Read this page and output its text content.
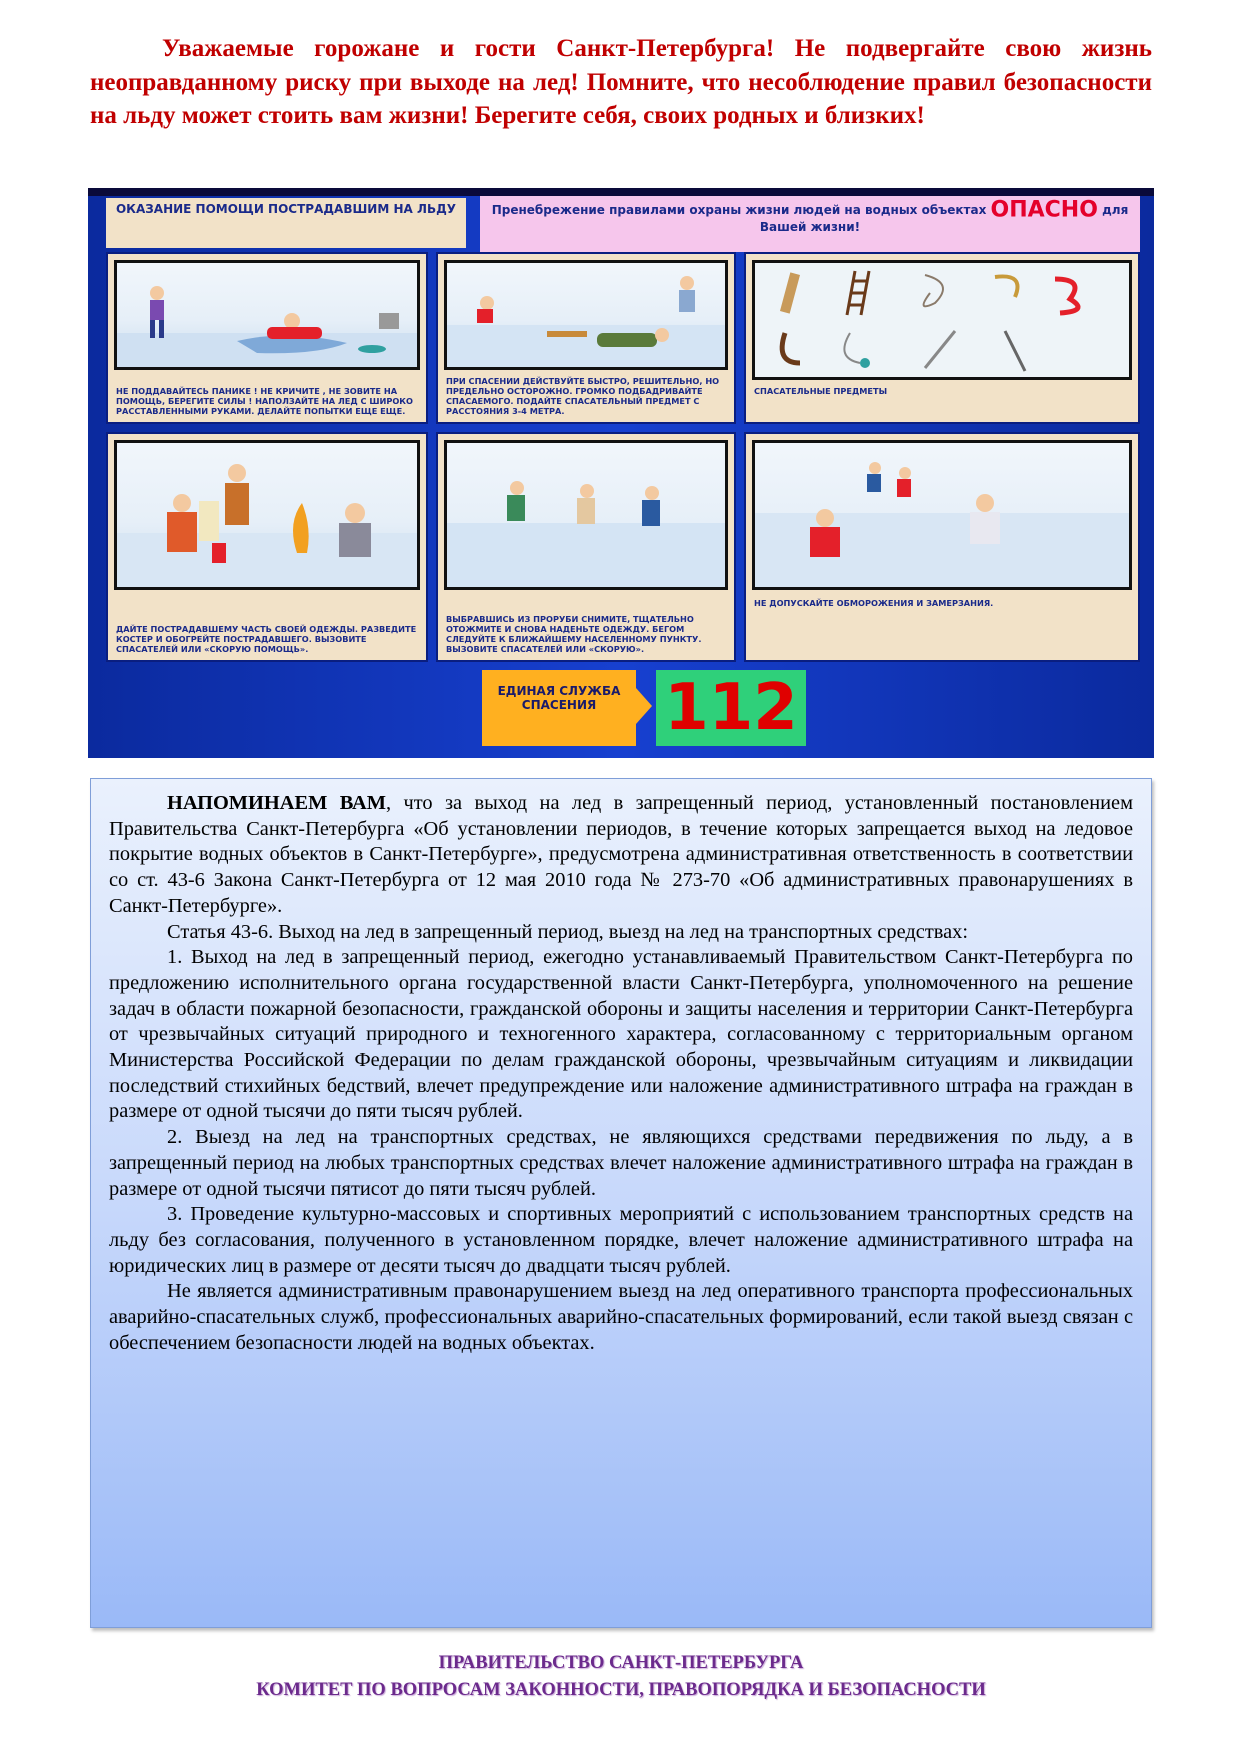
Уважаемые горожане и гости Санкт-Петербурга! Не подвергайте свою жизнь неоправданному риску при выходе на лед! Помните, что несоблюдение правил безопасности на льду может стоить вам жизни! Берегите себя, своих родных и близких!
ОКАЗАНИЕ ПОМОЩИ ПОСТРАДАВШИМ НА ЛЬДУ	Пренебрежение правилами охраны жизни людей на водных объектах ОПАСНО для Вашей жизни!
НЕ ПОДДАВАЙТЕСЬ ПАНИКЕ ! НЕ КРИЧИТЕ , НЕ ЗОВИТЕ НА ПОМОЩЬ, БЕРЕГИТЕ СИЛЫ ! НАПОЛЗАЙТЕ НА ЛЕД С ШИРОКО РАССТАВЛЕННЫМИ РУКАМИ. ДЕЛАЙТЕ ПОПЫТКИ ЕЩЕ ЕЩЕ.
ПРИ СПАСЕНИИ ДЕЙСТВУЙТЕ БЫСТРО, РЕШИТЕЛЬНО, НО ПРЕДЕЛЬНО ОСТОРОЖНО. ГРОМКО ПОДБАДРИВАЙТЕ СПАСАЕМОГО. ПОДАЙТЕ СПАСАТЕЛЬНЫЙ ПРЕДМЕТ С РАССТОЯНИЯ 3-4 МЕТРА.
СПАСАТЕЛЬНЫЕ ПРЕДМЕТЫ
ДАЙТЕ ПОСТРАДАВШЕМУ ЧАСТЬ СВОЕЙ ОДЕЖДЫ. РАЗВЕДИТЕ КОСТЕР И ОБОГРЕЙТЕ ПОСТРАДАВШЕГО. ВЫЗОВИТЕ СПАСАТЕЛЕЙ ИЛИ «СКОРУЮ ПОМОЩЬ».
ВЫБРАВШИСЬ ИЗ ПРОРУБИ СНИМИТЕ, ТЩАТЕЛЬНО ОТОЖМИТЕ И СНОВА НАДЕНЬТЕ ОДЕЖДУ. БЕГОМ СЛЕДУЙТЕ К БЛИЖАЙШЕМУ НАСЕЛЕННОМУ ПУНКТУ. ВЫЗОВИТЕ СПАСАТЕЛЕЙ ИЛИ «СКОРУЮ».
НЕ ДОПУСКАЙТЕ ОБМОРОЖЕНИЯ И ЗАМЕРЗАНИЯ.
ЕДИНАЯ СЛУЖБА СПАСЕНИЯ	112

НАПОМИНАЕМ ВАМ, что за выход на лед в запрещенный период, установленный постановлением Правительства Санкт-Петербурга «Об установлении периодов, в течение которых запрещается выход на ледовое покрытие водных объектов в Санкт-Петербурге», предусмотрена административная ответственность в соответствии со ст. 43-6 Закона Санкт-Петербурга от 12 мая 2010 года № 273-70 «Об административных правонарушениях в Санкт-Петербурге».

Статья 43-6. Выход на лед в запрещенный период, выезд на лед на транспортных средствах:

1. Выход на лед в запрещенный период, ежегодно устанавливаемый Правительством Санкт-Петербурга по предложению исполнительного органа государственной власти Санкт-Петербурга, уполномоченного на решение задач в области пожарной безопасности, гражданской обороны и защиты населения и территории Санкт-Петербурга от чрезвычайных ситуаций природного и техногенного характера, согласованному с территориальным органом Министерства Российской Федерации по делам гражданской обороны, чрезвычайным ситуациям и ликвидации последствий стихийных бедствий, влечет предупреждение или наложение административного штрафа на граждан в размере от одной тысячи до пяти тысяч рублей.

2. Выезд на лед на транспортных средствах, не являющихся средствами передвижения по льду, а в запрещенный период на любых транспортных средствах влечет наложение административного штрафа на граждан в размере от одной тысячи пятисот до пяти тысяч рублей.

3. Проведение культурно-массовых и спортивных мероприятий с использованием транспортных средств на льду без согласования, полученного в установленном порядке, влечет наложение административного штрафа на юридических лиц в размере от десяти тысяч до двадцати тысяч рублей.

Не является административным правонарушением выезд на лед оперативного транспорта профессиональных аварийно-спасательных служб, профессиональных аварийно-спасательных формирований, если такой выезд связан с обеспечением безопасности людей на водных объектах.

ПРАВИТЕЛЬСТВО САНКТ-ПЕТЕРБУРГА
КОМИТЕТ ПО ВОПРОСАМ ЗАКОННОСТИ, ПРАВОПОРЯДКА И БЕЗОПАСНОСТИ
